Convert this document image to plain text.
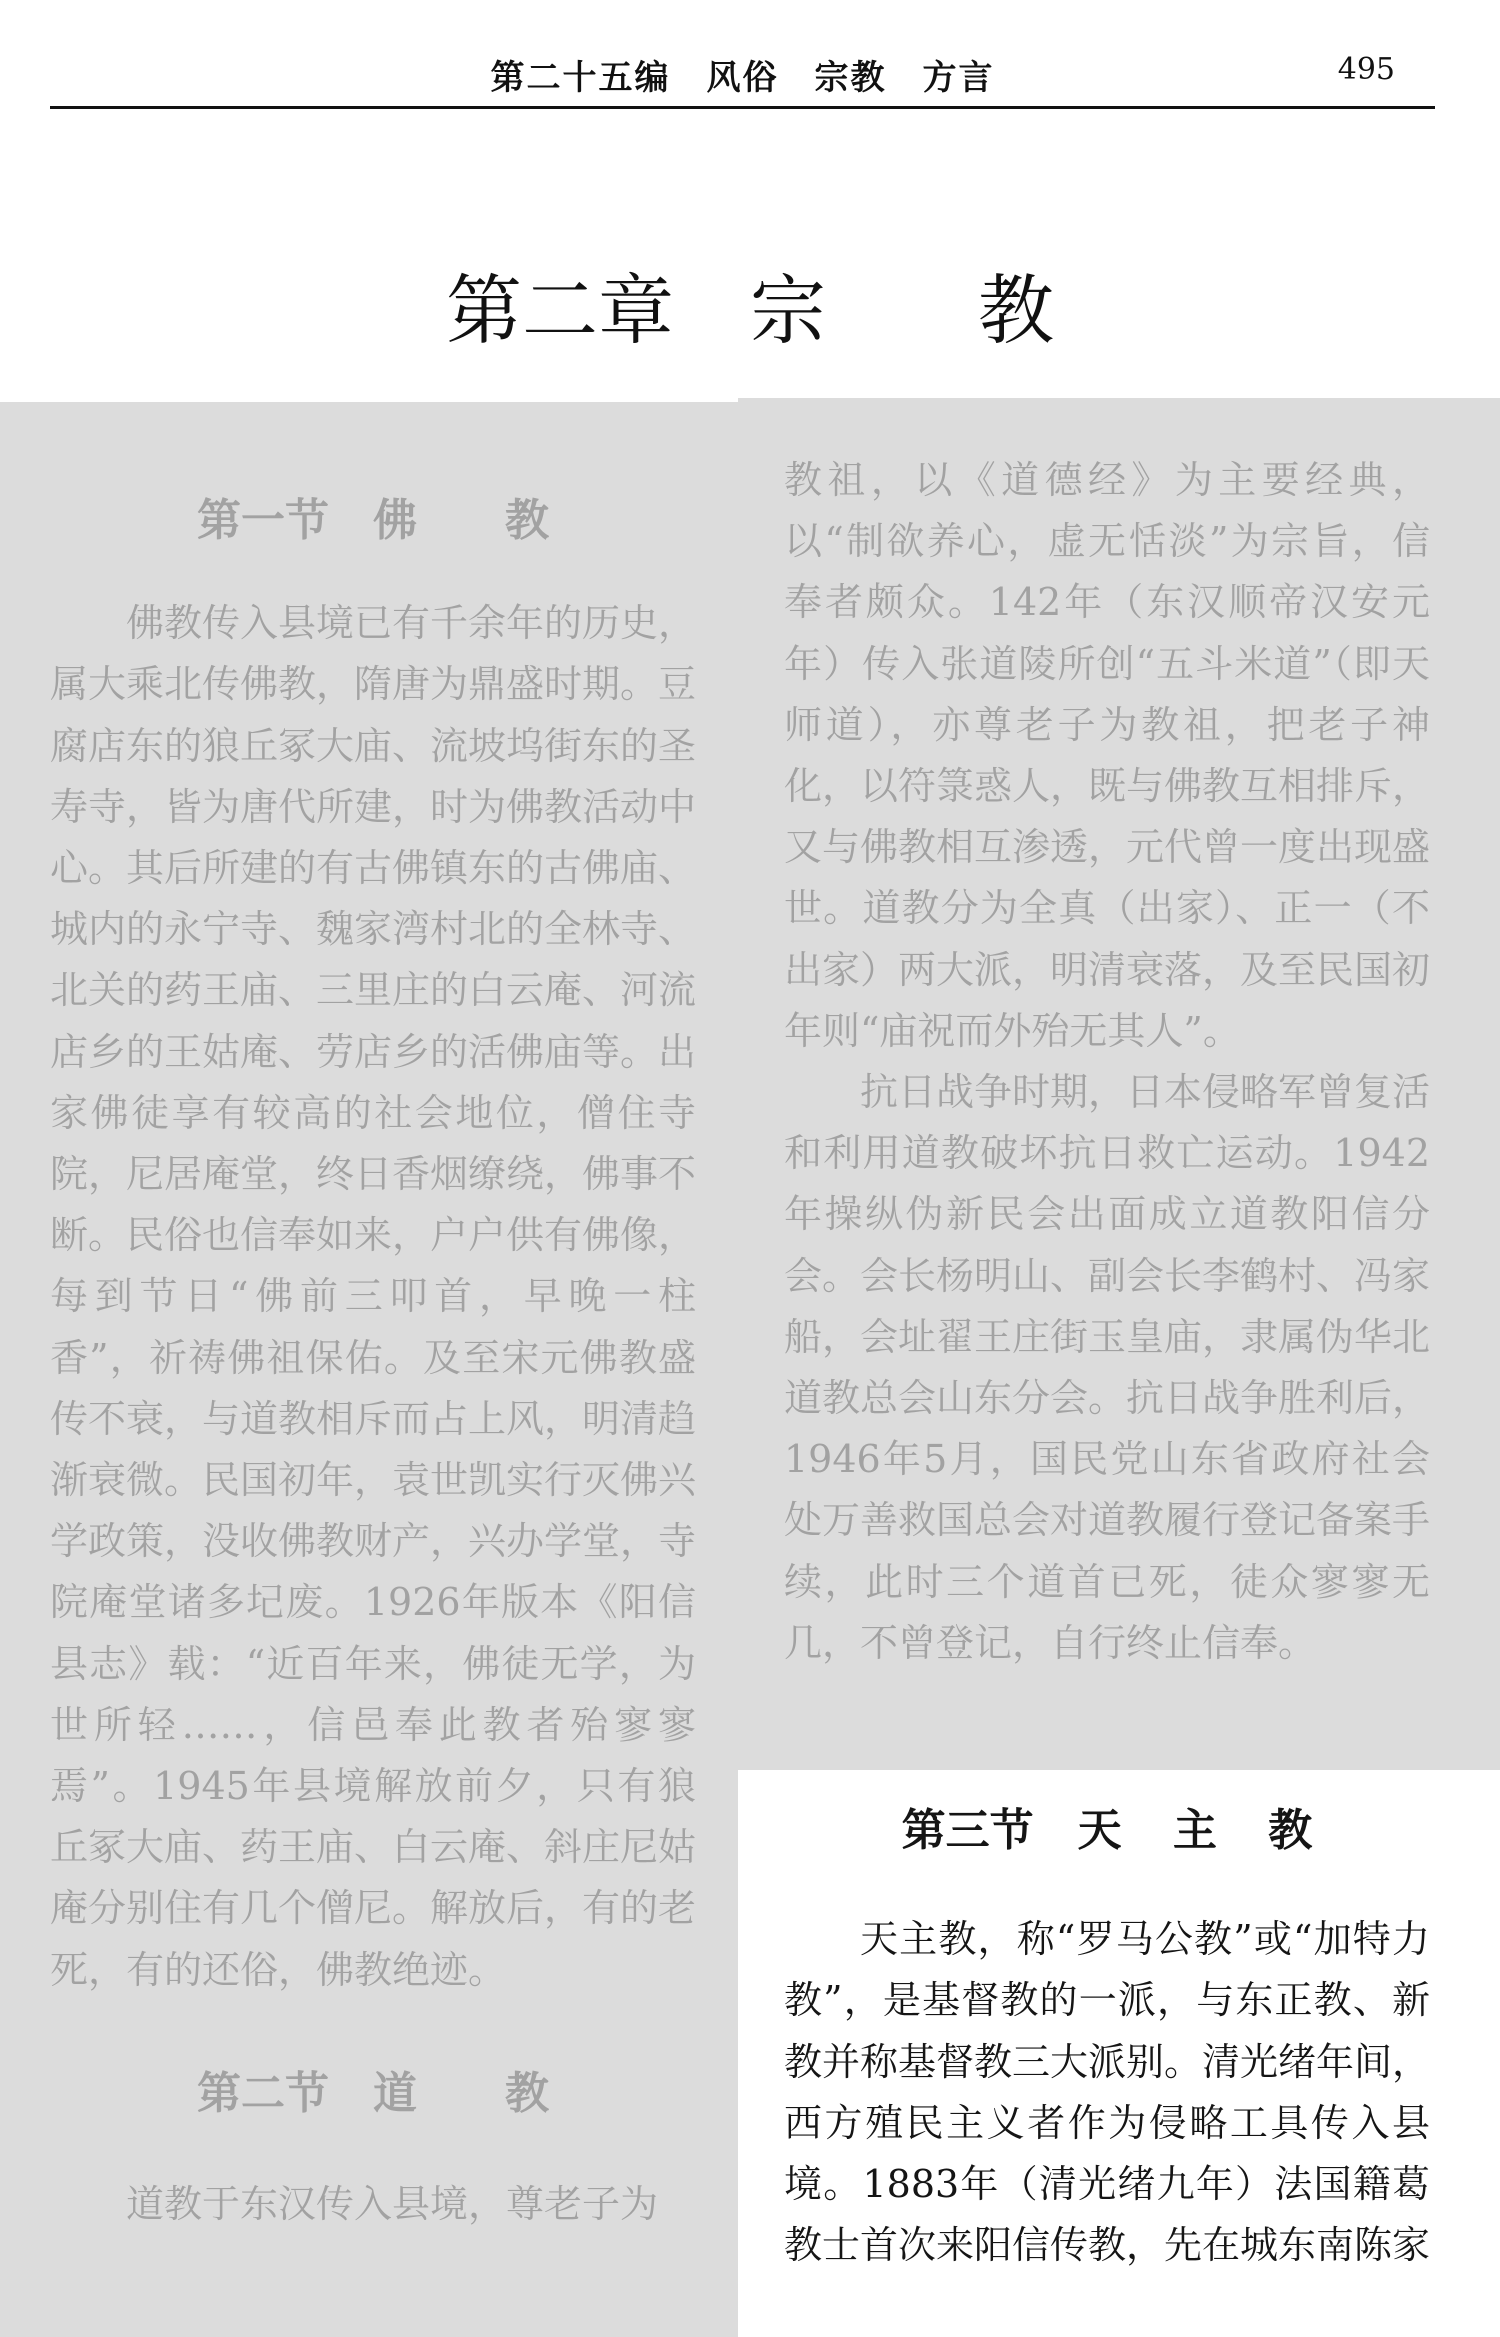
第二十五编　风俗　宗教　方言	495
第二章　宗　　教
第一节　佛　　教

佛教传入县境已有千余年的历史，属大乘北传佛教，隋唐为鼎盛时期。豆腐店东的狼丘冢大庙、流坡坞街东的圣寿寺，皆为唐代所建，时为佛教活动中心。其后所建的有古佛镇东的古佛庙、城内的永宁寺、魏家湾村北的全林寺、北关的药王庙、三里庄的白云庵、河流店乡的王姑庵、劳店乡的活佛庙等。出家佛徒享有较高的社会地位，僧住寺院，尼居庵堂，终日香烟缭绕，佛事不断。民俗也信奉如来，户户供有佛像，每到节日“佛前三叩首，早晚一柱香”，祈祷佛祖保佑。及至宋元佛教盛传不衰，与道教相斥而占上风，明清趋渐衰微。民国初年，袁世凯实行灭佛兴学政策，没收佛教财产，兴办学堂，寺院庵堂诸多圮废。1926年版本《阳信县志》载：“近百年来，佛徒无学，为世所轻……，信邑奉此教者殆寥寥焉”。1945年县境解放前夕，只有狼丘冢大庙、药王庙、白云庵、斜庄尼姑庵分别住有几个僧尼。解放后，有的老死，有的还俗，佛教绝迹。

第二节　道　　教

道教于东汉传入县境，尊老子为

教祖，以《道德经》为主要经典，以“制欲养心，虚无恬淡”为宗旨，信奉者颇众。142年（东汉顺帝汉安元年）传入张道陵所创“五斗米道”（即天师道），亦尊老子为教祖，把老子神化，以符箓惑人，既与佛教互相排斥，又与佛教相互渗透，元代曾一度出现盛世。道教分为全真（出家）、正一（不出家）两大派，明清衰落，及至民国初年则“庙祝而外殆无其人”。

抗日战争时期，日本侵略军曾复活和利用道教破坏抗日救亡运动。1942年操纵伪新民会出面成立道教阳信分会。会长杨明山、副会长李鹤村、冯家船，会址翟王庄街玉皇庙，隶属伪华北道教总会山东分会。抗日战争胜利后，1946年5月，国民党山东省政府社会处万善救国总会对道教履行登记备案手续，此时三个道首已死，徒众寥寥无几，不曾登记，自行终止信奉。

第三节　天 主 教

天主教，称“罗马公教”或“加特力教”，是基督教的一派，与东正教、新教并称基督教三大派别。清光绪年间，西方殖民主义者作为侵略工具传入县境。1883年（清光绪九年）法国籍葛教士首次来阳信传教，先在城东南陈家
